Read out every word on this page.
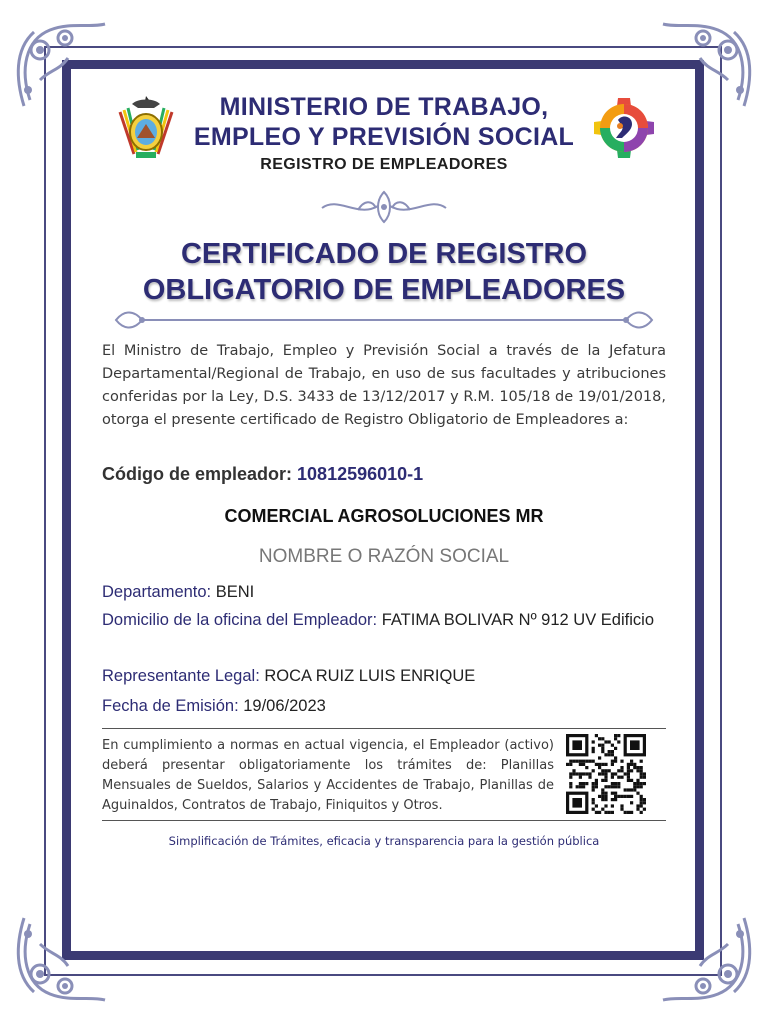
MINISTERIO DE TRABAJO,
EMPLEO Y PREVISIÓN SOCIAL
REGISTRO DE EMPLEADORES
CERTIFICADO DE REGISTRO
OBLIGATORIO DE EMPLEADORES
El Ministro de Trabajo, Empleo y Previsión Social a través de la Jefatura Departamental/Regional de Trabajo, en uso de sus facultades y atribuciones conferidas por la Ley, D.S. 3433 de 13/12/2017 y R.M. 105/18 de 19/01/2018, otorga el presente certificado de Registro Obligatorio de Empleadores a:
Código de empleador: 10812596010-1
COMERCIAL AGROSOLUCIONES MR
NOMBRE O RAZÓN SOCIAL
Departamento: BENI
Domicilio de la oficina del Empleador: FATIMA BOLIVAR Nº 912 UV Edificio
Representante Legal: ROCA RUIZ LUIS ENRIQUE
Fecha de Emisión: 19/06/2023
En cumplimiento a normas en actual vigencia, el Empleador (activo) deberá presentar obligatoriamente los trámites de: Planillas Mensuales de Sueldos, Salarios y Accidentes de Trabajo, Planillas de Aguinaldos, Contratos de Trabajo, Finiquitos y Otros.
Simplificación de Trámites, eficacia y transparencia para la gestión pública
